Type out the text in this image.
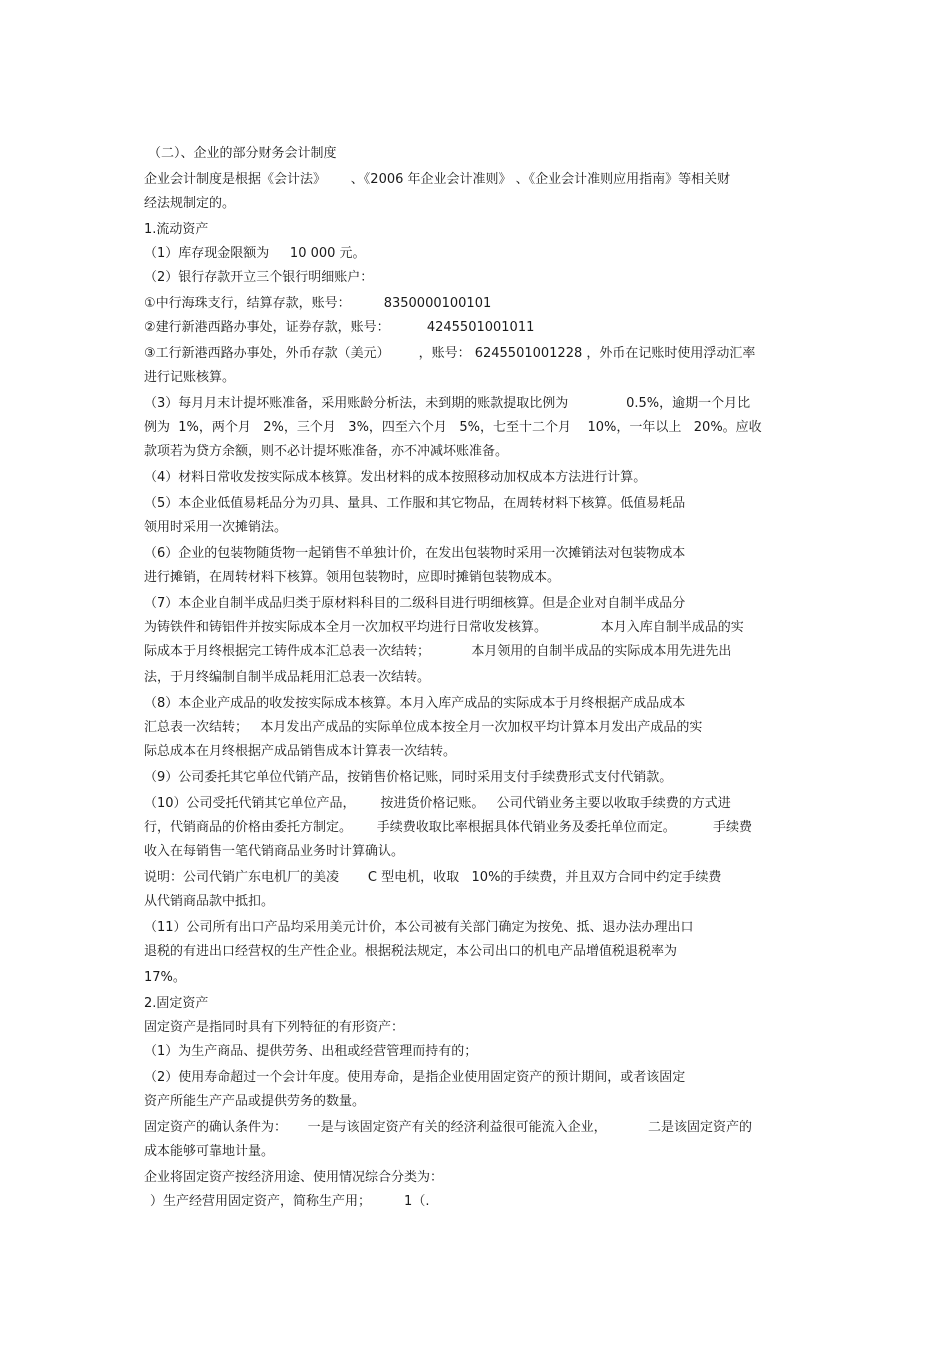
（二）、企业的部分财务会计制度
企业会计制度是根据《会计法》      、《2006 年企业会计准则》 、《企业会计准则应用指南》等相关财
经法规制定的。
1.流动资产
（1）库存现金限额为     10 000 元。
（2）银行存款开立三个银行明细账户：
①中行海珠支行，结算存款，账号：        8350000100101
②建行新港西路办事处，证券存款，账号：         4245501001011
③工行新港西路办事处，外币存款（美元）       ，账号： 6245501001228 ，外币在记账时使用浮动汇率
进行记账核算。
（3）每月月末计提坏账准备，采用账龄分析法，未到期的账款提取比例为              0.5%，逾期一个月比
例为  1%，两个月   2%，三个月   3%，四至六个月   5%，七至十二个月    10%，一年以上   20%。应收
款项若为贷方余额，则不必计提坏账准备，亦不冲减坏账准备。
（4）材料日常收发按实际成本核算。发出材料的成本按照移动加权成本方法进行计算。
（5）本企业低值易耗品分为刃具、量具、工作服和其它物品，在周转材料下核算。低值易耗品
领用时采用一次摊销法。
（6）企业的包装物随货物一起销售不单独计价，在发出包装物时采用一次摊销法对包装物成本
进行摊销，在周转材料下核算。领用包装物时，应即时摊销包装物成本。
（7）本企业自制半成品归类于原材料科目的二级科目进行明细核算。但是企业对自制半成品分
为铸铁件和铸铝件并按实际成本全月一次加权平均进行日常收发核算。             本月入库自制半成品的实
际成本于月终根据完工铸件成本汇总表一次结转；          本月领用的自制半成品的实际成本用先进先出
法，于月终编制自制半成品耗用汇总表一次结转。
（8）本企业产成品的收发按实际成本核算。本月入库产成品的实际成本于月终根据产成品成本
汇总表一次结转；   本月发出产成品的实际单位成本按全月一次加权平均计算本月发出产成品的实
际总成本在月终根据产成品销售成本计算表一次结转。
（9）公司委托其它单位代销产品，按销售价格记账，同时采用支付手续费形式支付代销款。
（10）公司受托代销其它单位产品，      按进货价格记账。   公司代销业务主要以收取手续费的方式进
行，代销商品的价格由委托方制定。      手续费收取比率根据具体代销业务及委托单位而定。         手续费
收入在每销售一笔代销商品业务时计算确认。
说明：公司代销广东电机厂的美凌       C 型电机，收取   10%的手续费，并且双方合同中约定手续费
从代销商品款中抵扣。
（11）公司所有出口产品均采用美元计价，本公司被有关部门确定为按免、抵、退办法办理出口
退税的有进出口经营权的生产性企业。根据税法规定，本公司出口的机电产品增值税退税率为
17%。
2.固定资产
固定资产是指同时具有下列特征的有形资产：
（1）为生产商品、提供劳务、出租或经营管理而持有的；
（2）使用寿命超过一个会计年度。使用寿命，是指企业使用固定资产的预计期间，或者该固定
资产所能生产产品或提供劳务的数量。
固定资产的确认条件为：     一是与该固定资产有关的经济利益很可能流入企业，          二是该固定资产的
成本能够可靠地计量。
企业将固定资产按经济用途、使用情况综合分类为：
）生产经营用固定资产，简称生产用；        1（.
